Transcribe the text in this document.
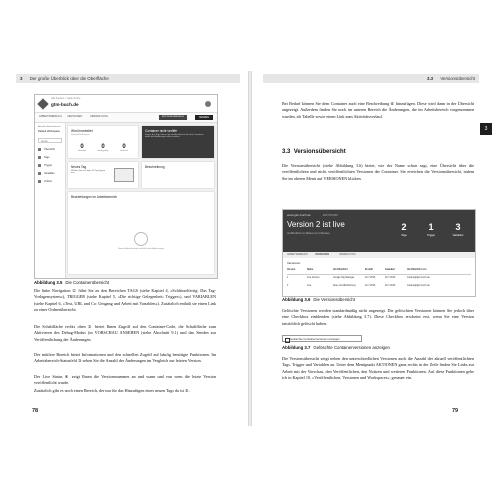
3 Der große Überblick über die Oberfläche
Alle Konten > Mein Konto
gtm-buch.de
ARBEITSBEREICH VERSIONEN	VERWALTUNG	ENTWURFSBEREICH	SENDEN
Aktueller Arbeitsbereich
Default Workspace
Suche
Übersicht
Tags
Trigger
Variablen
Ordner
Wird bearbeitet
Default Workspace
0
Geändert
0
Hinzugefügt
0
Gelöscht
Container nicht veröffe
Fügen Sie Tags hinzu und veröffentlichen Sie den Container, damit die Änderungen aktiv werden
Neues Tag
Wählen Sie aus über 50 Tag-Typen aus
Beschreibung
Bearbeitungen im Arbeitsbereich
Dieser Arbeitsbereich enthält keine Änderungen
Abbildung 3.5 Die Containerübersicht

Die linke Navigation ① führt Sie zu den Bereichen TAGS (siehe Kapitel 4, »Schlüsselfertig: Das Tag-Vorlagensystem«), TRIGGER (siehe Kapitel 5, »Die richtige Gelegenheit: Trigger«), und VARIABLEN (siehe Kapitel 6, »Text, URL und Co: Umgang und Arbeit mit Variablen«). Zusätzlich enthält sie einen Link zu einer Ordnerübersicht.

Die Schaltfläche rechts oben ② bietet Ihnen Zugriff auf den Container-Code, die Schaltfläche zum Aktivieren des Debug-Modus (in VORSCHAU ANSEHEN (siehe Abschnitt 9.1) und das Senden zur Veröffentlichung der Änderungen.

Der mittlere Bereich bietet Informationen und den schnellen Zugriff auf häufig benötigte Funktionen. Im Arbeitsbereich-Statusfeld ③ sehen Sie die Anzahl der Änderungen im Vergleich zur letzten Version.

Der Live Status ④ zeigt Ihnen die Versionsnummer an und wann und von wem die letzte Version veröffentlicht wurde.

Zusätzlich gibt es noch einen Bereich, der nur für das Hinzufügen eines neuen Tags da ist ⑤.

78
3.3 Versionsübersicht
3

Bei Bedarf können Sie dem Container auch eine Beschreibung ⑥ hinzufügen. Diese wird dann in der Übersicht angezeigt. Außerdem finden Sie noch im unteren Bereich die Änderungen, die im Arbeitsbereich vorgenommen wurden, als Tabelle sowie einen Link zum Aktivitätsverlauf.

3.3 Versionsübersicht

Die Versionsübersicht (siehe Abbildung 3.6) bietet, wie der Name schon sagt, eine Übersicht über die veröffentlichten und nicht veröffentlichten Versionen der Container. Sie erreichen die Versionsübersicht, indem Sie im oberen Menü auf VERSIONEN klicken.

www.gtm-buch.de	ENTWURF
Version 2 ist live
Veröffentlicht von Markus vor 2 Monaten
2
Tags
1
Trigger
3
Variablen
ARBEITSBEREICH	VERSIONEN	VERWALTUNG
Versionen
Version	Name	Veröffentlicht	Erstellt	Geändert	Veröffentlicht von
1	Live Version	Google Tag Manager	22.7.2016	22.7.2016	markus@gtm-buch.de
2	Live	Neue Veröffentlichung	22.7.2016	22.7.2016	markus@gtm-buch.de
Abbildung 3.6 Die Versionsübersicht

Gelöschte Versionen werden standardmäßig nicht angezeigt. Die gelöschten Versionen können Sie jedoch über eine Checkbox einblenden (siehe Abbildung 3.7). Diese Checkbox erscheint erst, wenn Sie eine Version tatsächlich gelöscht haben.

Gelöschte Containerversionen anzeigen
Abbildung 3.7 Gelöschte Containerversionen anzeigen

Die Versionsübersicht zeigt neben den unterschiedlichen Versionen auch die Anzahl der aktuell veröffentlichten Tags, Trigger und Variablen an. Unter dem Menüpunkt AKTIONEN ganz rechts in der Zeile finden Sie Links zur Arbeit mit der Vorschau, den Veröffentlichen, den Notizen und weiteren Funktionen. Auf diese Funktionen gehe ich in Kapitel 10, »Veröffentlichen, Versionen und Workspaces«, genauer ein.

79
